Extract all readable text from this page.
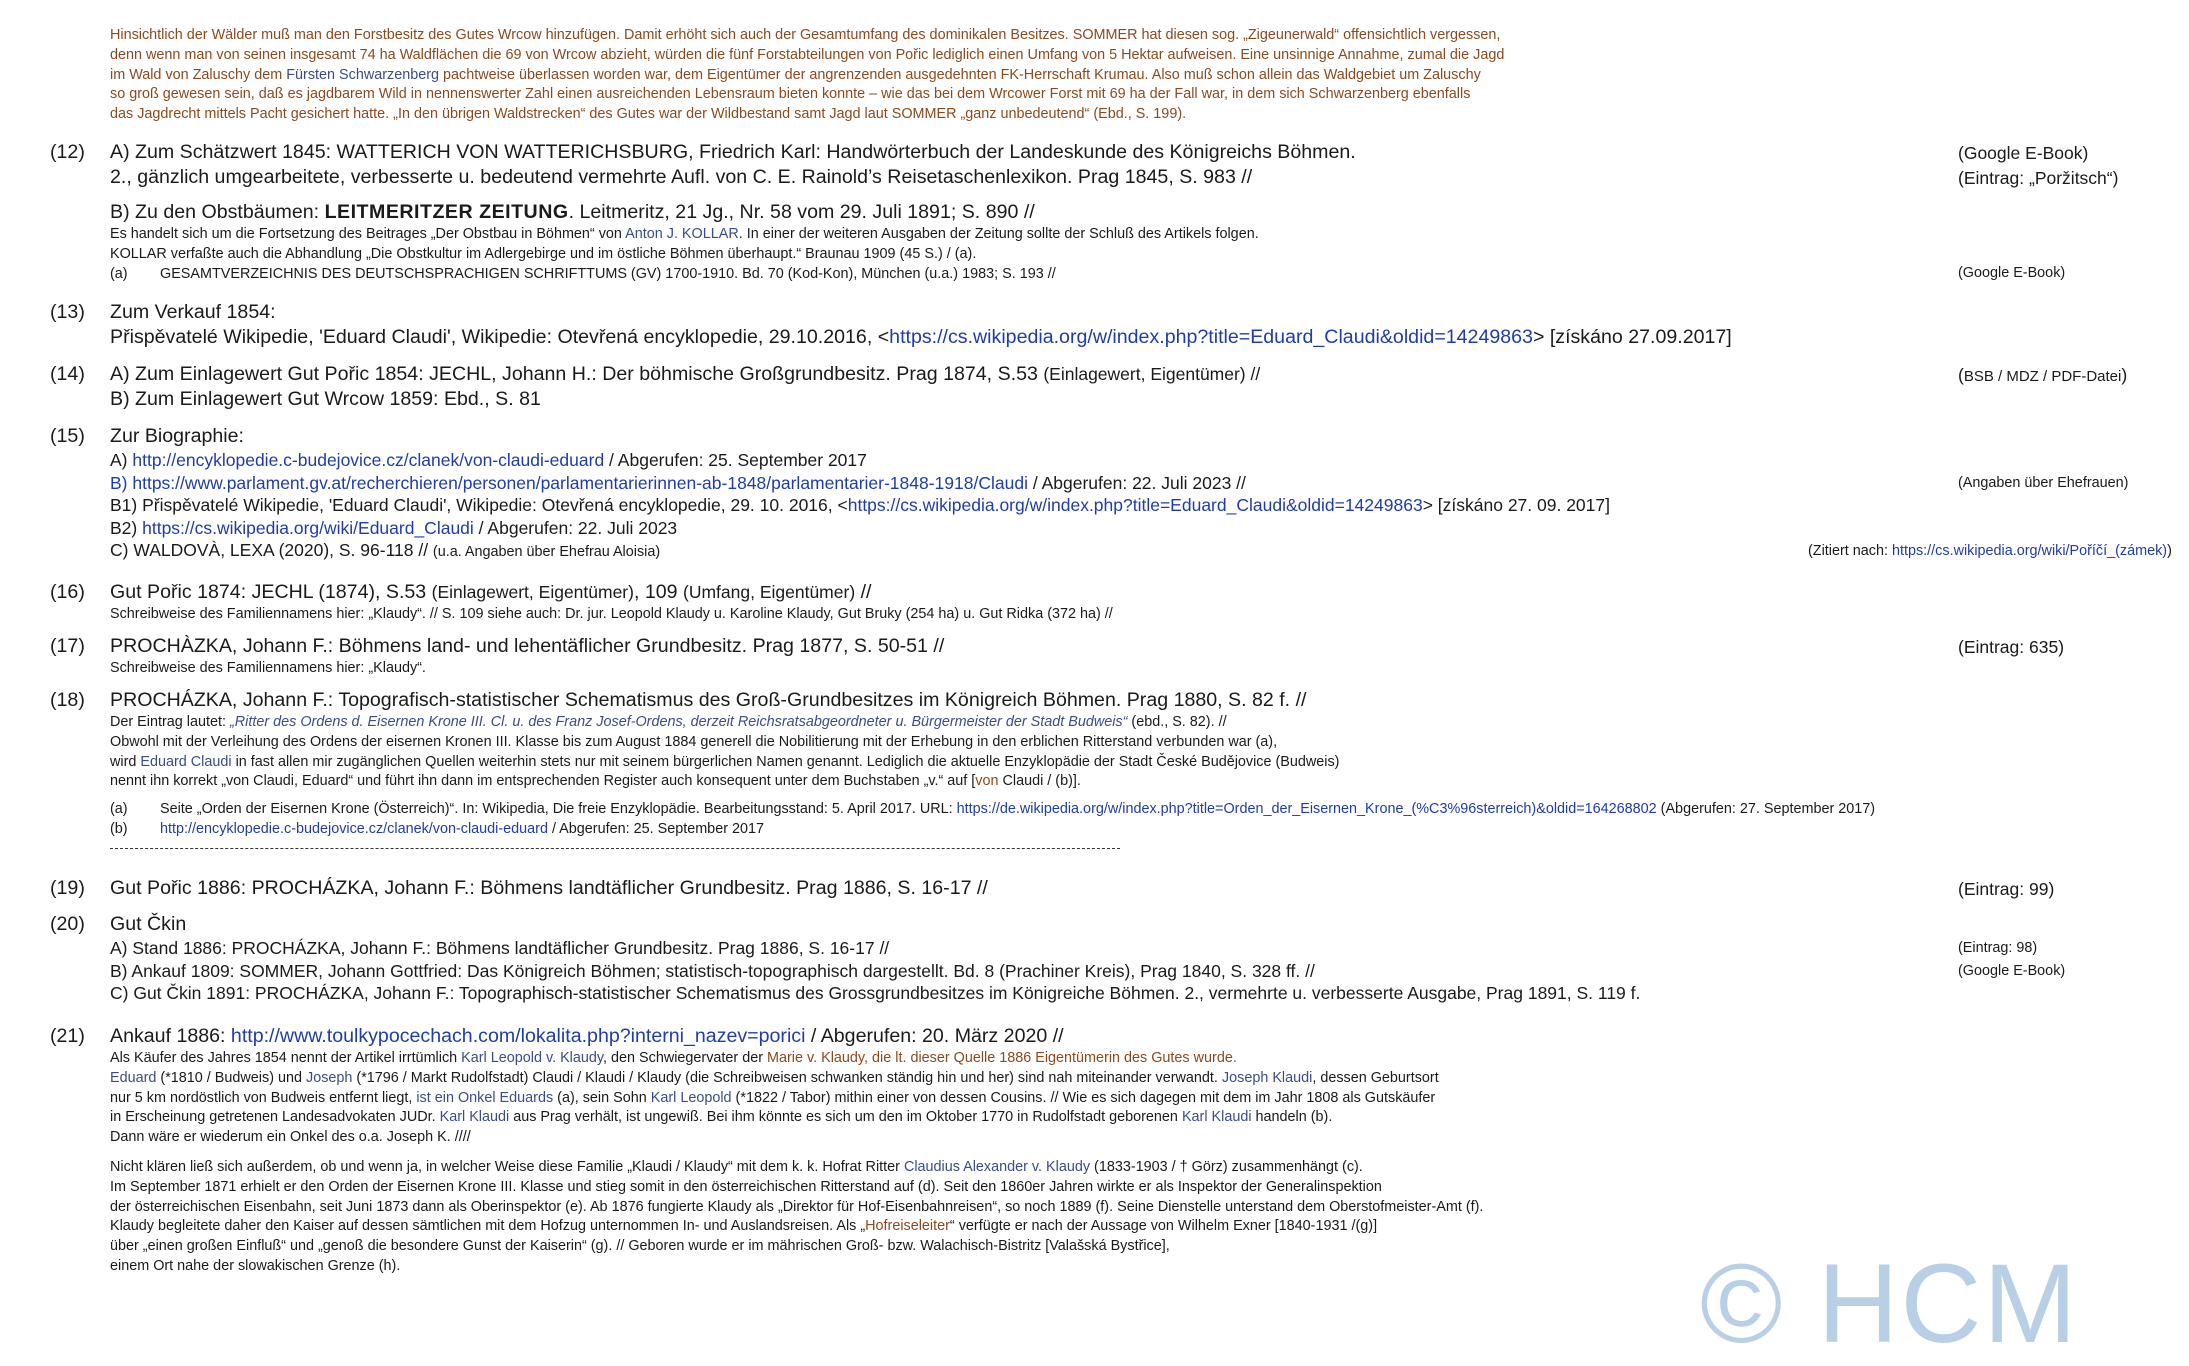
Hinsichtlich der Wälder muß man den Forstbesitz des Gutes Wrcow hinzufügen. Damit erhöht sich auch der Gesamtumfang des dominikalen Besitzes. SOMMER hat diesen sog. „Zigeunerwald“ offensichtlich vergessen,
denn wenn man von seinen insgesamt 74 ha Waldflächen die 69 von Wrcow abzieht, würden die fünf Forstabteilungen von Pořic lediglich einen Umfang von 5 Hektar aufweisen. Eine unsinnige Annahme, zumal die Jagd
im Wald von Zaluschy dem Fürsten Schwarzenberg pachtweise überlassen worden war, dem Eigentümer der angrenzenden ausgedehnten FK-Herrschaft Krumau. Also muß schon allein das Waldgebiet um Zaluschy
so groß gewesen sein, daß es jagdbarem Wild in nennenswerter Zahl einen ausreichenden Lebensraum bieten konnte – wie das bei dem Wrcower Forst mit 69 ha der Fall war, in dem sich Schwarzenberg ebenfalls
das Jagdrecht mittels Pacht gesichert hatte. „In den übrigen Waldstrecken“ des Gutes war der Wildbestand samt Jagd laut SOMMER „ganz unbedeutend“ (Ebd., S. 199).
(12) A) Zum Schätzwert 1845: WATTERICH VON WATTERICHSBURG, Friedrich Karl: Handwörterbuch der Landeskunde des Königreichs Böhmen.
2., gänzlich umgearbeitete, verbesserte u. bedeutend vermehrte Aufl. von C. E. Rainold’s Reisetaschenlexikon. Prag 1845, S. 983 //
(Google E-Book)
(Eintrag: „Poržitsch“)
B) Zu den Obstbäumen: LEITMERITZER ZEITUNG. Leitmeritz, 21 Jg., Nr. 58 vom 29. Juli 1891; S. 890 //
Es handelt sich um die Fortsetzung des Beitrages „Der Obstbau in Böhmen“ von Anton J. KOLLAR. In einer der weiteren Ausgaben der Zeitung sollte der Schluß des Artikels folgen.
KOLLAR verfaßte auch die Abhandlung „Die Obstkultur im Adlergebirge und im östliche Böhmen überhaupt.“ Braunau 1909 (45 S.) / (a).
(a) GESAMTVERZEICHNIS DES DEUTSCHSPRACHIGEN SCHRIFTTUMS (GV) 1700-1910. Bd. 70 (Kod-Kon), München (u.a.) 1983; S. 193 //	(Google E-Book)
(13) Zum Verkauf 1854:
Přispěvatelé Wikipedie, 'Eduard Claudi', Wikipedie: Otevřená encyklopedie, 29.10.2016, <https://cs.wikipedia.org/w/index.php?title=Eduard_Claudi&oldid=14249863> [získáno 27.09.2017]
(14) A) Zum Einlagewert Gut Pořic 1854: JECHL, Johann H.: Der böhmische Großgrundbesitz. Prag 1874, S.53 (Einlagewert, Eigentümer) //
B) Zum Einlagewert Gut Wrcow 1859: Ebd., S. 81
(BSB / MDZ / PDF-Datei)
(15) Zur Biographie:
A) http://encyklopedie.c-budejovice.cz/clanek/von-claudi-eduard / Abgerufen: 25. September 2017
B) https://www.parlament.gv.at/recherchieren/personen/parlamentarierinnen-ab-1848/parlamentarier-1848-1918/Claudi / Abgerufen: 22. Juli 2023 //
B1) Přispěvatelé Wikipedie, 'Eduard Claudi', Wikipedie: Otevřená encyklopedie, 29. 10. 2016, <https://cs.wikipedia.org/w/index.php?title=Eduard_Claudi&oldid=14249863> [získáno 27. 09. 2017]
B2) https://cs.wikipedia.org/wiki/Eduard_Claudi / Abgerufen: 22. Juli 2023
C) WALDOVÀ, LEXA (2020), S. 96-118 // (u.a. Angaben über Ehefrau Aloisia)
(Angaben über Ehefrauen)
(Zitiert nach: https://cs.wikipedia.org/wiki/Poříčí_(zámek))
(16) Gut Pořic 1874: JECHL (1874), S.53 (Einlagewert, Eigentümer), 109 (Umfang, Eigentümer) //
Schreibweise des Familiennamens hier: „Klaudy“. // S. 109 siehe auch: Dr. jur. Leopold Klaudy u. Karoline Klaudy, Gut Bruky (254 ha) u. Gut Ridka (372 ha) //
(17) PROCHÀZKA, Johann F.: Böhmens land- und lehentäflicher Grundbesitz. Prag 1877, S. 50-51 //
Schreibweise des Familiennamens hier: „Klaudy“.
(Eintrag: 635)
(18) PROCHÁZKA, Johann F.: Topografisch-statistischer Schematismus des Groß-Grundbesitzes im Königreich Böhmen. Prag 1880, S. 82 f. //
Der Eintrag lautet: „Ritter des Ordens d. Eisernen Krone III. Cl. u. des Franz Josef-Ordens, derzeit Reichsratsabgeordneter u. Bürgermeister der Stadt Budweis“ (ebd., S. 82). //
Obwohl mit der Verleihung des Ordens der eisernen Kronen III. Klasse bis zum August 1884 generell die Nobilitierung mit der Erhebung in den erblichen Ritterstand verbunden war (a),
wird Eduard Claudi in fast allen mir zugänglichen Quellen weiterhin stets nur mit seinem bürgerlichen Namen genannt. Lediglich die aktuelle Enzyklopädie der Stadt České Budějovice (Budweis)
nennt ihn korrekt „von Claudi, Eduard“ und führt ihn dann im entsprechenden Register auch konsequent unter dem Buchstaben „v.“ auf [von Claudi / (b)].
(a) Seite „Orden der Eisernen Krone (Österreich)“. In: Wikipedia, Die freie Enzyklopädie. Bearbeitungsstand: 5. April 2017. URL: https://de.wikipedia.org/w/index.php?title=Orden_der_Eisernen_Krone_(%C3%96sterreich)&oldid=164268802 (Abgerufen: 27. September 2017)
(b) http://encyklopedie.c-budejovice.cz/clanek/von-claudi-eduard / Abgerufen: 25. September 2017
(19) Gut Pořic 1886: PROCHÁZKA, Johann F.: Böhmens landtäflicher Grundbesitz. Prag 1886, S. 16-17 //	(Eintrag: 99)
(20) Gut Čkin
A) Stand 1886: PROCHÁZKA, Johann F.: Böhmens landtäflicher Grundbesitz. Prag 1886, S. 16-17 //
B) Ankauf 1809: SOMMER, Johann Gottfried: Das Königreich Böhmen; statistisch-topographisch dargestellt. Bd. 8 (Prachiner Kreis), Prag 1840, S. 328 ff. //
C) Gut Čkin 1891: PROCHÁZKA, Johann F.: Topographisch-statistischer Schematismus des Grossgrundbesitzes im Königreiche Böhmen. 2., vermehrte u. verbesserte Ausgabe, Prag 1891, S. 119 f.
(Eintrag: 98)
(Google E-Book)
(21) Ankauf 1886: http://www.toulkypocechach.com/lokalita.php?interni_nazev=porici / Abgerufen: 20. März 2020 //
Als Käufer des Jahres 1854 nennt der Artikel irrtümlich Karl Leopold v. Klaudy, den Schwiegervater der Marie v. Klaudy, die lt. dieser Quelle 1886 Eigentümerin des Gutes wurde.
Eduard (*1810 / Budweis) und Joseph (*1796 / Markt Rudolfstadt) Claudi / Klaudi / Klaudy (die Schreibweisen schwanken ständig hin und her) sind nah miteinander verwandt. Joseph Klaudi, dessen Geburtsort
nur 5 km nordöstlich von Budweis entfernt liegt, ist ein Onkel Eduards (a), sein Sohn Karl Leopold (*1822 / Tabor) mithin einer von dessen Cousins. // Wie es sich dagegen mit dem im Jahr 1808 als Gutskäufer
in Erscheinung getretenen Landesadvokaten JUDr. Karl Klaudi aus Prag verhält, ist ungewiß. Bei ihm könnte es sich um den im Oktober 1770 in Rudolfstadt geborenen Karl Klaudi handeln (b).
Dann wäre er wiederum ein Onkel des o.a. Joseph K. ////
Nicht klären ließ sich außerdem, ob und wenn ja, in welcher Weise diese Familie „Klaudi / Klaudy“ mit dem k. k. Hofrat Ritter Claudius Alexander v. Klaudy (1833-1903 / † Görz) zusammenhängt (c).
Im September 1871 erhielt er den Orden der Eisernen Krone III. Klasse und stieg somit in den österreichischen Ritterstand auf (d). Seit den 1860er Jahren wirkte er als Inspektor der Generalinspektion
der österreichischen Eisenbahn, seit Juni 1873 dann als Oberinspektor (e). Ab 1876 fungierte Klaudy als „Direktor für Hof-Eisenbahnreisen“, so noch 1889 (f). Seine Dienstelle unterstand dem Oberstofmeister-Amt (f).
Klaudy begleitete daher den Kaiser auf dessen sämtlichen mit dem Hofzug unternommen In- und Auslandsreisen. Als „Hofreiseleiter“ verfügte er nach der Aussage von Wilhelm Exner [1840-1931 /(g)]
über „einen großen Einfluß“ und „genoß die besondere Gunst der Kaiserin“ (g). // Geboren wurde er im mährischen Groß- bzw. Walachisch-Bistritz [Valašská Bystřice],
einem Ort nahe der slowakischen Grenze (h).	© HCM
